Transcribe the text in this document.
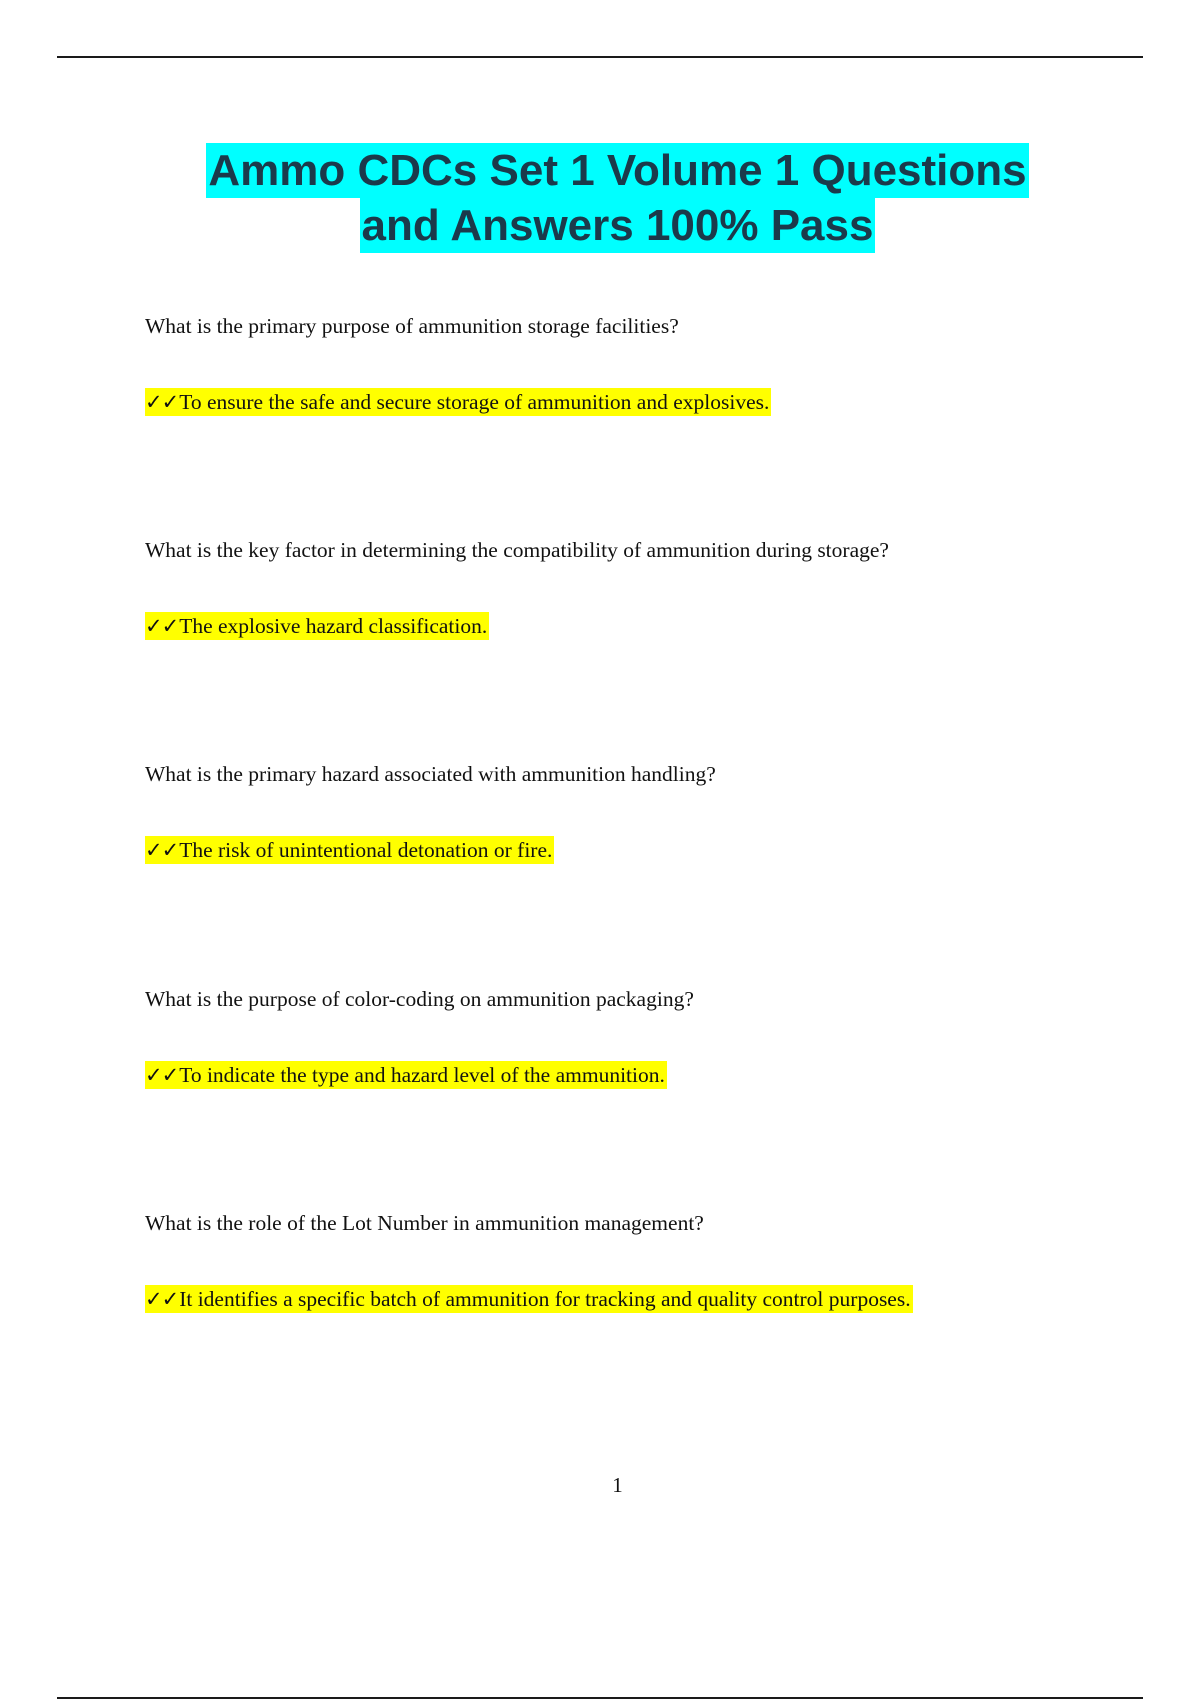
Ammo CDCs Set 1 Volume 1 Questions
and Answers 100% Pass
What is the primary purpose of ammunition storage facilities?
✓✓To ensure the safe and secure storage of ammunition and explosives.
What is the key factor in determining the compatibility of ammunition during storage?
✓✓The explosive hazard classification.
What is the primary hazard associated with ammunition handling?
✓✓The risk of unintentional detonation or fire.
What is the purpose of color-coding on ammunition packaging?
✓✓To indicate the type and hazard level of the ammunition.
What is the role of the Lot Number in ammunition management?
✓✓It identifies a specific batch of ammunition for tracking and quality control purposes.
1
